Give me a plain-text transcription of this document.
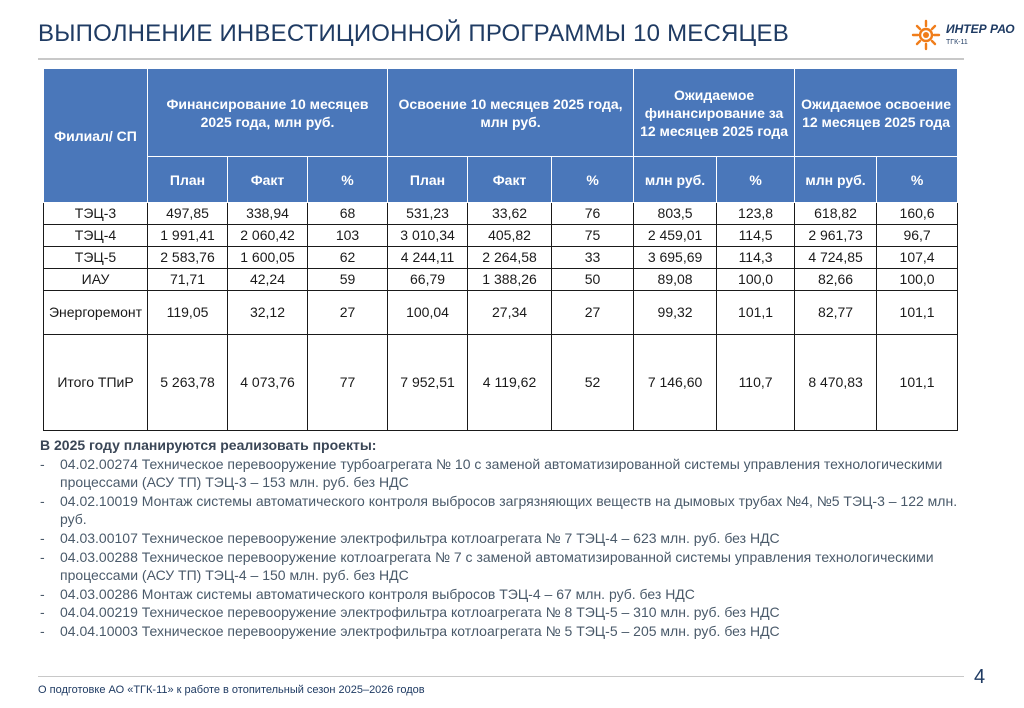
ВЫПОЛНЕНИЕ ИНВЕСТИЦИОННОЙ ПРОГРАММЫ 10 МЕСЯЦЕВ	ИНТЕР РАО
ТГК-11
Филиал/ СП	Финансирование 10 месяцев 2025 года, млн руб.			Освоение 10 месяцев 2025 года, млн руб.			Ожидаемое финансирование за 12 месяцев 2025 года		Ожидаемое освоение 12 месяцев 2025 года	
	План	Факт	%	План	Факт	%	млн руб.	%	млн руб.	%
ТЭЦ-3	497,85	338,94	68	531,23	33,62	76	803,5	123,8	618,82	160,6
ТЭЦ-4	1 991,41	2 060,42	103	3 010,34	405,82	75	2 459,01	114,5	2 961,73	96,7
ТЭЦ-5	2 583,76	1 600,05	62	4 244,11	2 264,58	33	3 695,69	114,3	4 724,85	107,4
ИАУ	71,71	42,24	59	66,79	1 388,26	50	89,08	100,0	82,66	100,0
Энергоремонт	119,05	32,12	27	100,04	27,34	27	99,32	101,1	82,77	101,1
Итого ТПиР	5 263,78	4 073,76	77	7 952,51	4 119,62	52	7 146,60	110,7	8 470,83	101,1
В 2025 году планируются реализовать проекты:
- 04.02.00274 Техническое перевооружение турбоагрегата № 10 с заменой автоматизированной системы управления технологическими процессами (АСУ ТП) ТЭЦ-3 – 153 млн. руб. без НДС
- 04.02.10019 Монтаж системы автоматического контроля выбросов загрязняющих веществ на дымовых трубах №4, №5 ТЭЦ-3 – 122 млн. руб.
- 04.03.00107 Техническое перевооружение электрофильтра котлоагрегата № 7 ТЭЦ-4 – 623 млн. руб. без НДС
- 04.03.00288 Техническое перевооружение котлоагрегата № 7 с заменой автоматизированной системы управления технологическими процессами (АСУ ТП) ТЭЦ-4 – 150 млн. руб. без НДС
- 04.03.00286 Монтаж системы автоматического контроля выбросов ТЭЦ-4 – 67 млн. руб. без НДС
- 04.04.00219 Техническое перевооружение электрофильтра котлоагрегата № 8 ТЭЦ-5 – 310 млн. руб. без НДС
- 04.04.10003 Техническое перевооружение электрофильтра котлоагрегата № 5 ТЭЦ-5 – 205 млн. руб. без НДС
О подготовке АО «ТГК-11» к работе в отопительный сезон 2025–2026 годов
4
